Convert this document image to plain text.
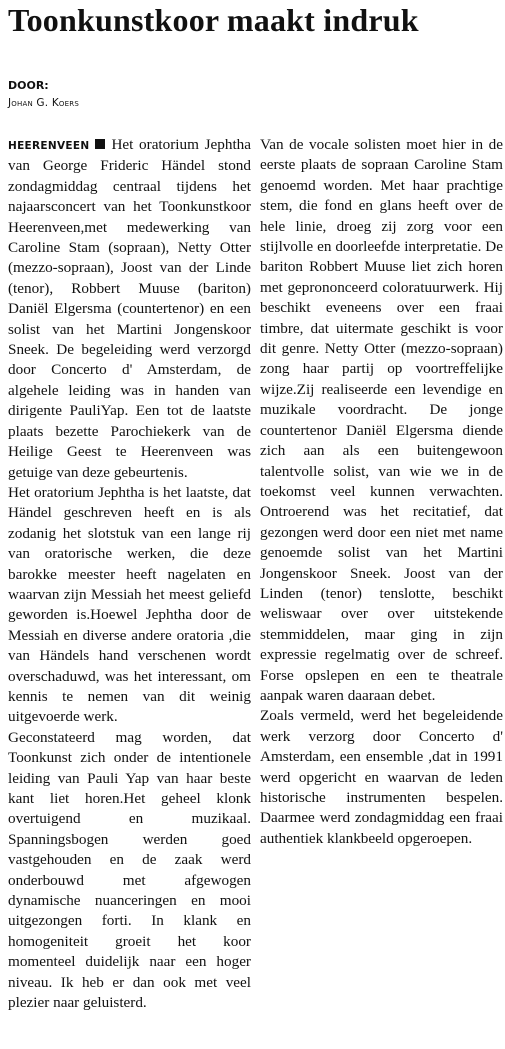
Toonkunstkoor maakt indruk
DOOR:
Johan G. Koers

HEERENVEEN Het oratorium Jephtha van George Frideric Händel stond zondagmiddag centraal tijdens het najaarsconcert van het Toonkunstkoor Heerenveen,met medewerking van Caroline Stam (sopraan), Netty Otter (mezzo-sopraan), Joost van der Linde (tenor), Robbert Muuse (bariton) Daniël Elgersma (countertenor) en een solist van het Martini Jongenskoor Sneek. De begeleiding werd verzorgd door Concerto d' Amsterdam, de algehele leiding was in handen van dirigente PauliYap. Een tot de laatste plaats bezette Parochiekerk van de Heilige Geest te Heerenveen was getuige van deze gebeurtenis.

Het oratorium Jephtha is het laatste, dat Händel geschreven heeft en is als zodanig het slotstuk van een lange rij van oratorische werken, die deze barokke meester heeft nagelaten en waarvan zijn Messiah het meest geliefd geworden is.Hoewel Jephtha door de Messiah en diverse andere oratoria ,die van Händels hand verschenen wordt overschaduwd, was het interessant, om kennis te nemen van dit weinig uitgevoerde werk.

Geconstateerd mag worden, dat Toonkunst zich onder de intentionele leiding van Pauli Yap van haar beste kant liet horen.Het geheel klonk overtuigend en muzikaal. Spanningsbogen werden goed vastgehouden en de zaak werd onderbouwd met afgewogen dynamische nuanceringen en mooi uitgezongen forti. In klank en homogeniteit groeit het koor momenteel duidelijk naar een hoger niveau. Ik heb er dan ook met veel plezier naar geluisterd.

Van de vocale solisten moet hier in de eerste plaats de sopraan Caroline Stam genoemd worden. Met haar prachtige stem, die fond en glans heeft over de hele linie, droeg zij zorg voor een stijlvolle en doorleefde interpretatie. De bariton Robbert Muuse liet zich horen met geprononceerd coloratuurwerk. Hij beschikt eveneens over een fraai timbre, dat uitermate geschikt is voor dit genre. Netty Otter (mezzo-sopraan) zong haar partij op voortreffelijke wijze.Zij realiseerde een levendige en muzikale voordracht. De jonge countertenor Daniël Elgersma diende zich aan als een buitengewoon talentvolle solist, van wie we in de toekomst veel kunnen verwachten. Ontroerend was het recitatief, dat gezongen werd door een niet met name genoemde solist van het Martini Jongenskoor Sneek. Joost van der Linden (tenor) tenslotte, beschikt weliswaar over over uitstekende stemmiddelen, maar ging in zijn expressie regelmatig over de schreef. Forse opslepen en een te theatrale aanpak waren daaraan debet.

Zoals vermeld, werd het begeleidende werk verzorg door Concerto d' Amsterdam, een ensemble ,dat in 1991 werd opgericht en waarvan de leden historische instrumenten bespelen. Daarmee werd zondagmiddag een fraai authentiek klankbeeld opgeroepen.
